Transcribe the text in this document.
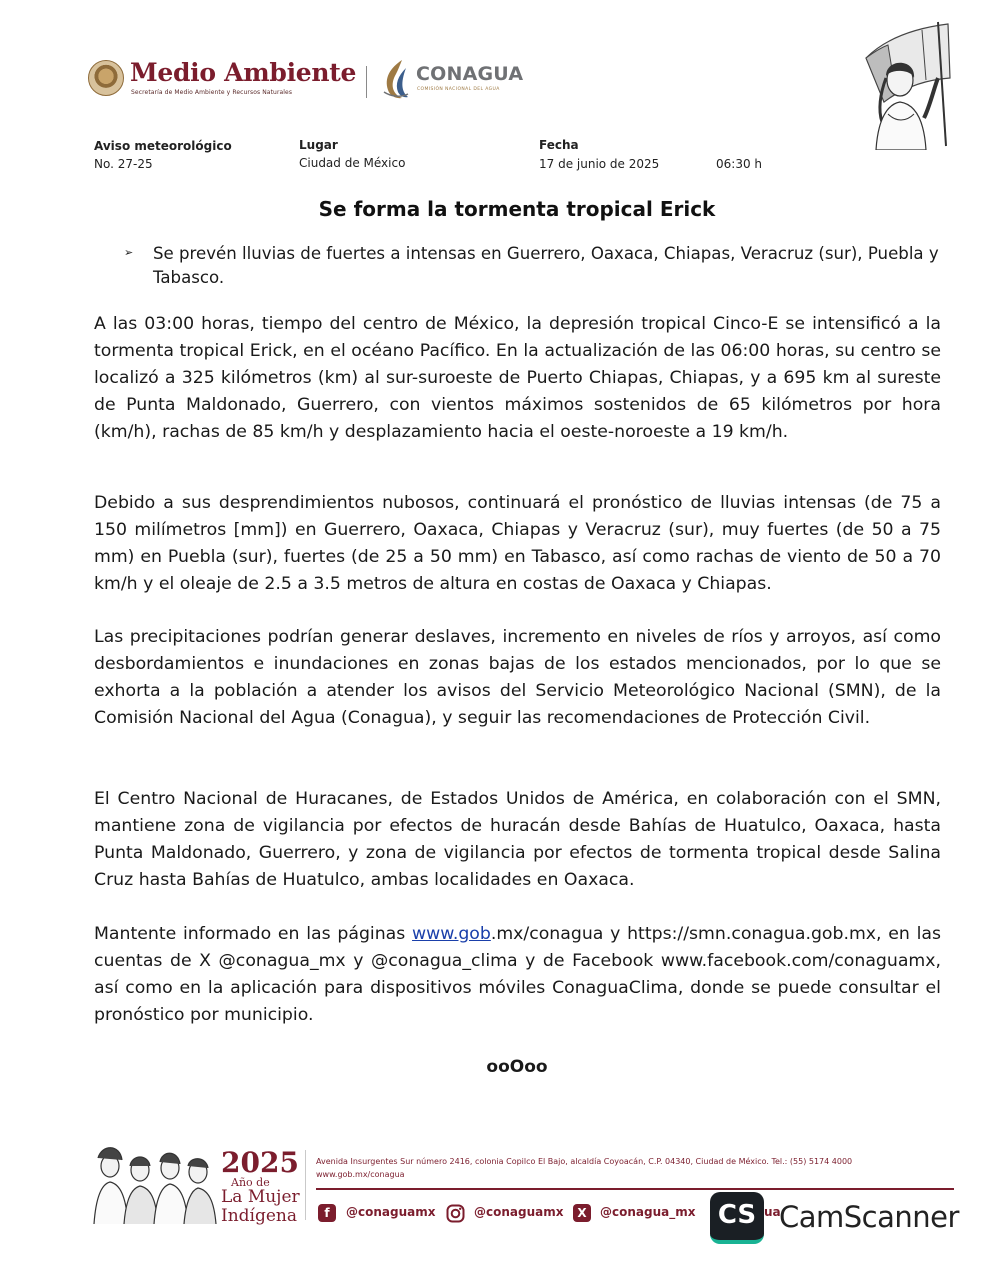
Medio Ambiente
Secretaría de Medio Ambiente y Recursos Naturales
CONAGUA
COMISIÓN NACIONAL DEL AGUA
Aviso meteorológico
No. 27-25
Lugar
Ciudad de México
Fecha
17 de junio de 2025	06:30 h
Se forma la tormenta tropical Erick
➢ Se prevén lluvias de fuertes a intensas en Guerrero, Oaxaca, Chiapas, Veracruz (sur), Puebla y Tabasco.
A las 03:00 horas, tiempo del centro de México, la depresión tropical Cinco-E se intensificó a la tormenta tropical Erick, en el océano Pacífico. En la actualización de las 06:00 horas, su centro se localizó a 325 kilómetros (km) al sur-suroeste de Puerto Chiapas, Chiapas, y a 695 km al sureste de Punta Maldonado, Guerrero, con vientos máximos sostenidos de 65 kilómetros por hora (km/h), rachas de 85 km/h y desplazamiento hacia el oeste-noroeste a 19 km/h.
Debido a sus desprendimientos nubosos, continuará el pronóstico de lluvias intensas (de 75 a 150 milímetros [mm]) en Guerrero, Oaxaca, Chiapas y Veracruz (sur), muy fuertes (de 50 a 75 mm) en Puebla (sur), fuertes (de 25 a 50 mm) en Tabasco, así como rachas de viento de 50 a 70 km/h y el oleaje de 2.5 a 3.5 metros de altura en costas de Oaxaca y Chiapas.
Las precipitaciones podrían generar deslaves, incremento en niveles de ríos y arroyos, así como desbordamientos e inundaciones en zonas bajas de los estados mencionados, por lo que se exhorta a la población a atender los avisos del Servicio Meteorológico Nacional (SMN), de la Comisión Nacional del Agua (Conagua), y seguir las recomendaciones de Protección Civil.
El Centro Nacional de Huracanes, de Estados Unidos de América, en colaboración con el SMN, mantiene zona de vigilancia por efectos de huracán desde Bahías de Huatulco, Oaxaca, hasta Punta Maldonado, Guerrero, y zona de vigilancia por efectos de tormenta tropical desde Salina Cruz hasta Bahías de Huatulco, ambas localidades en Oaxaca.
Mantente informado en las páginas www.gob.mx/conagua y https://smn.conagua.gob.mx, en las cuentas de X @conagua_mx y @conagua_clima y de Facebook www.facebook.com/conaguamx, así como en la aplicación para dispositivos móviles ConaguaClima, donde se puede consultar el pronóstico por municipio.
ooOoo
2025
Año de
La Mujer
Indígena
Avenida Insurgentes Sur número 2416, colonia Copilco El Bajo, alcaldía Coyoacán, C.P. 04340, Ciudad de México. Tel.: (55) 5174 4000
www.gob.mx/conagua
f	@conaguamx	@conaguamx	X	@conagua_mx	ua
CS CamScanner
